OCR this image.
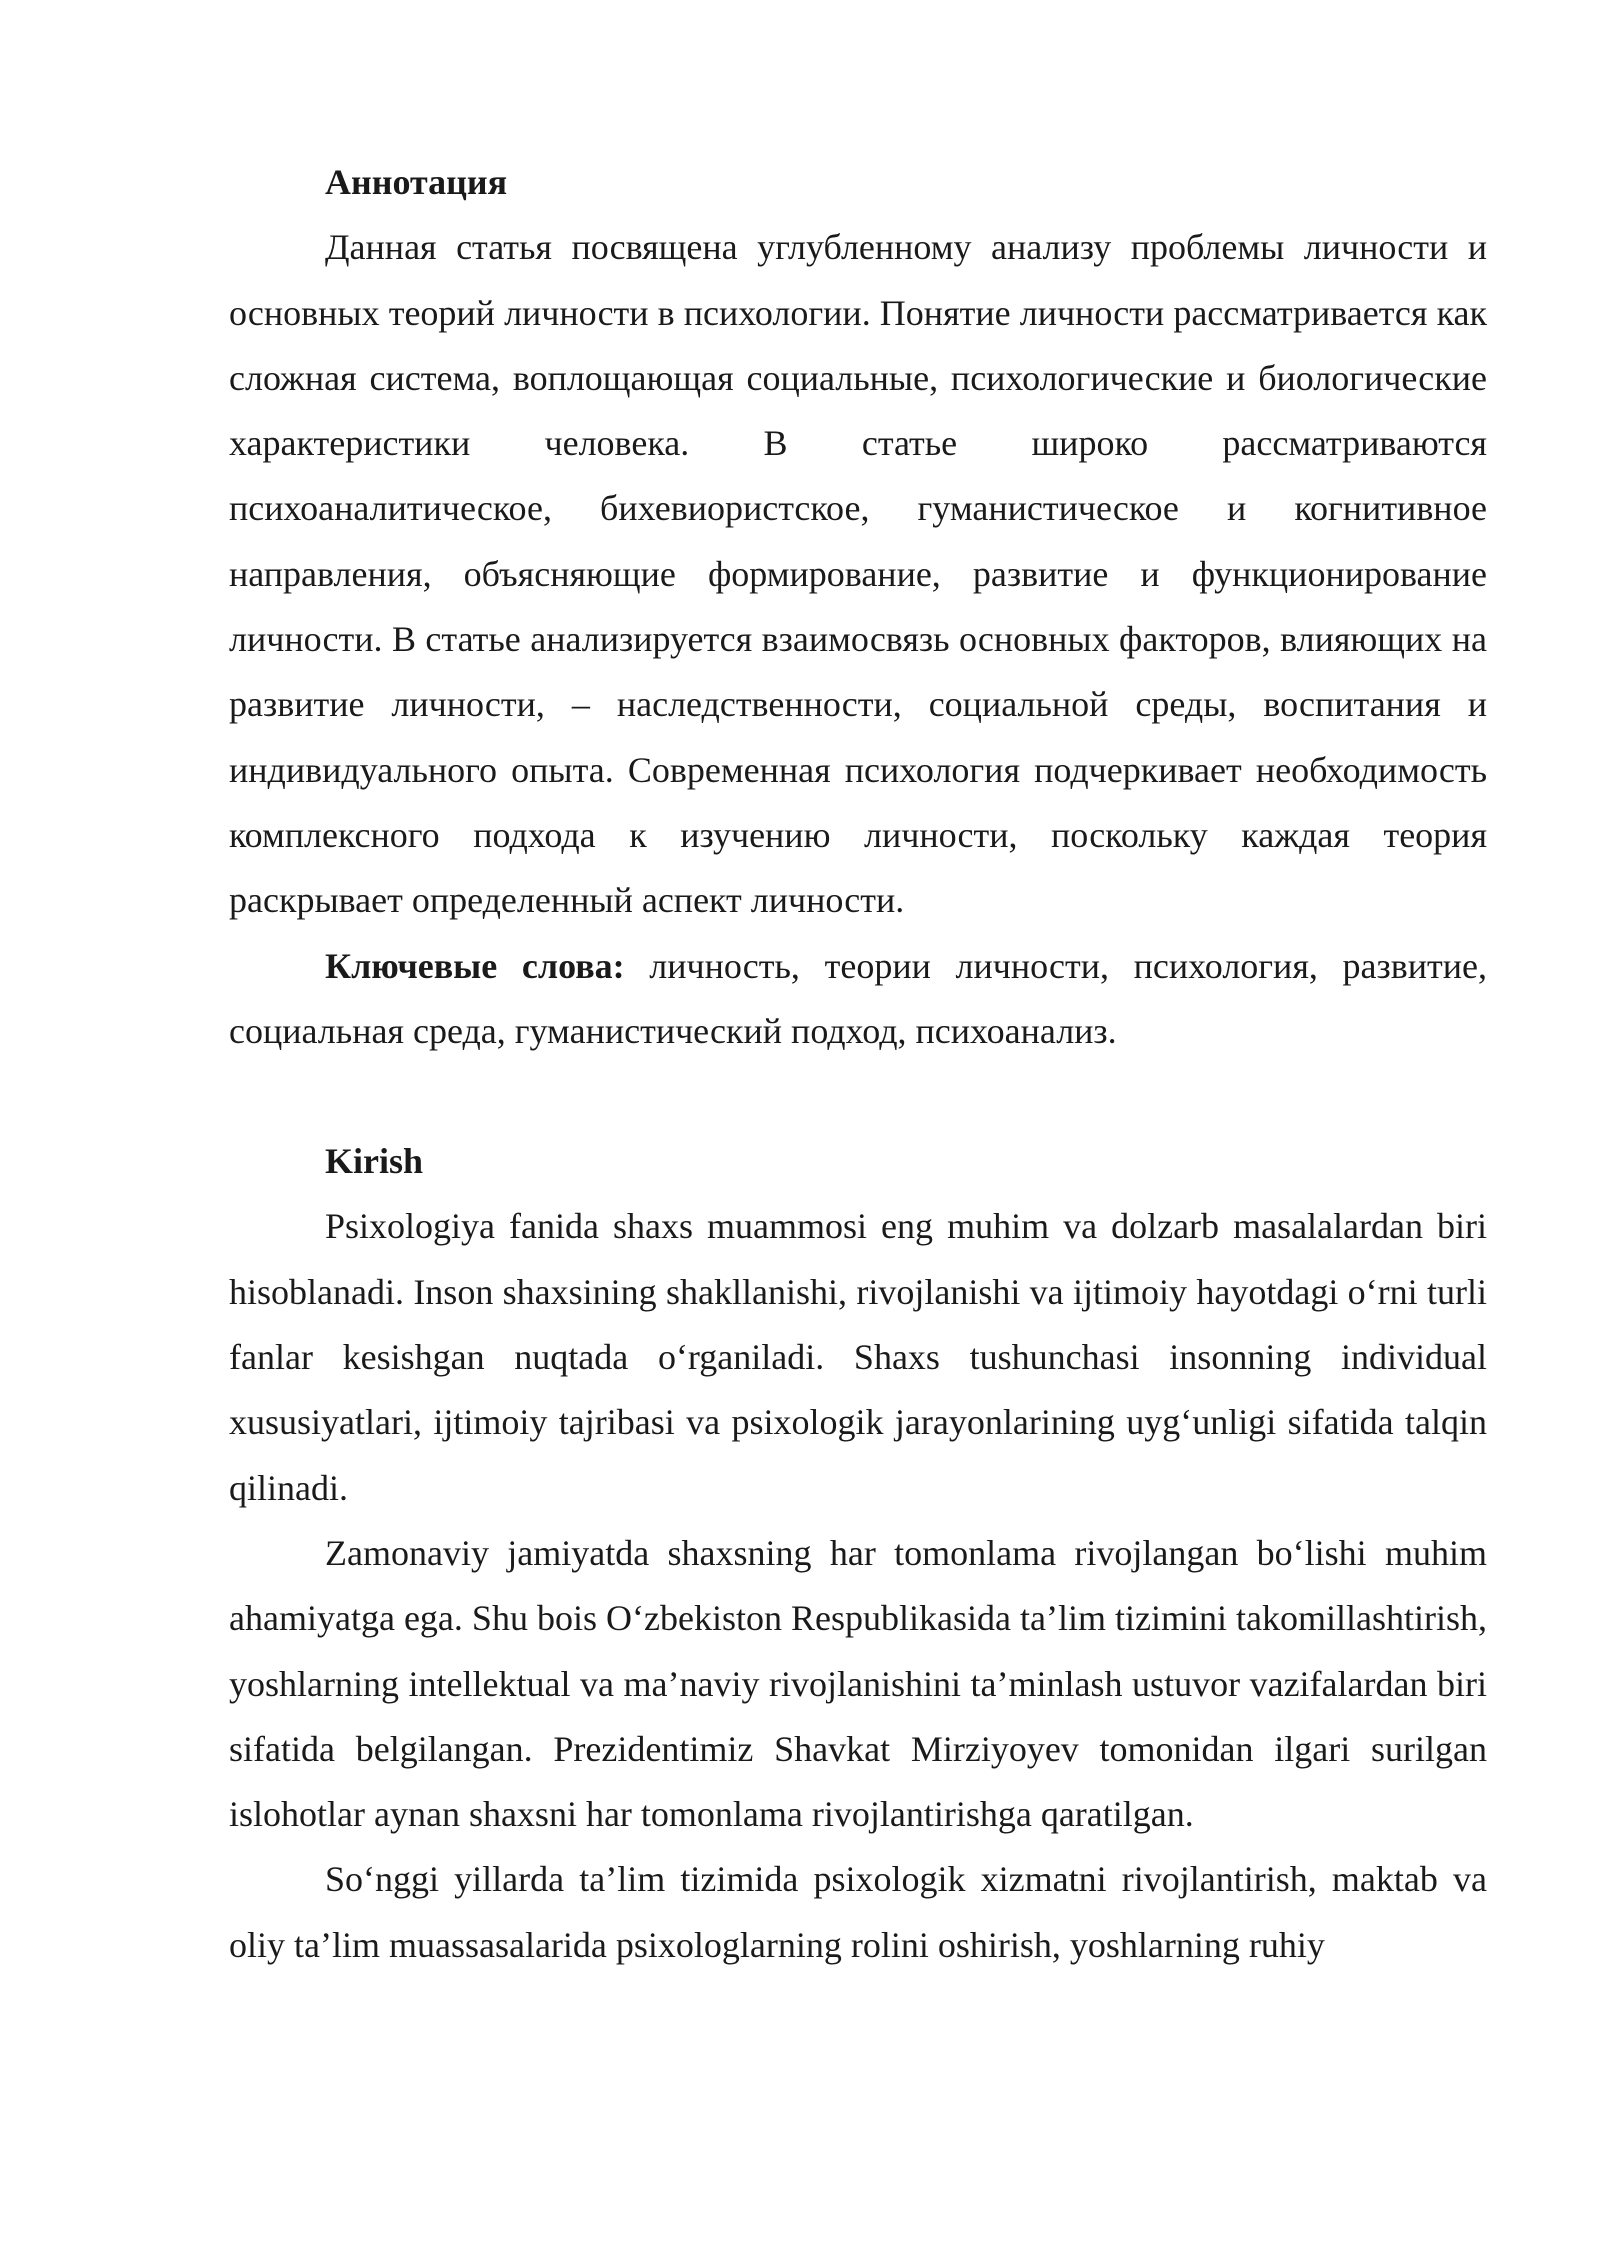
Аннотация

Данная статья посвящена углубленному анализу проблемы личности и основных теорий личности в психологии. Понятие личности рассматривается как сложная система, воплощающая социальные, психологические и биологические характеристики человека. В статье широко рассматриваются психоаналитическое, бихевиористское, гуманистическое и когнитивное направления, объясняющие формирование, развитие и функционирование личности. В статье анализируется взаимосвязь основных факторов, влияющих на развитие личности, – наследственности, социальной среды, воспитания и индивидуального опыта. Современная психология подчеркивает необходимость комплексного подхода к изучению личности, поскольку каждая теория раскрывает определенный аспект личности.

Ключевые слова: личность, теории личности, психология, развитие, социальная среда, гуманистический подход, психоанализ.

Kirish

Psixologiya fanida shaxs muammosi eng muhim va dolzarb masalalardan biri hisoblanadi. Inson shaxsining shakllanishi, rivojlanishi va ijtimoiy hayotdagi o‘rni turli fanlar kesishgan nuqtada o‘rganiladi. Shaxs tushunchasi insonning individual xususiyatlari, ijtimoiy tajribasi va psixologik jarayonlarining uyg‘unligi sifatida talqin qilinadi.

Zamonaviy jamiyatda shaxsning har tomonlama rivojlangan bo‘lishi muhim ahamiyatga ega. Shu bois O‘zbekiston Respublikasida ta’lim tizimini takomillashtirish, yoshlarning intellektual va ma’naviy rivojlanishini ta’minlash ustuvor vazifalardan biri sifatida belgilangan. Prezidentimiz Shavkat Mirziyoyev tomonidan ilgari surilgan islohotlar aynan shaxsni har tomonlama rivojlantirishga qaratilgan.

So‘nggi yillarda ta’lim tizimida psixologik xizmatni rivojlantirish, maktab va oliy ta’lim muassasalarida psixologlarning rolini oshirish, yoshlarning ruhiy
